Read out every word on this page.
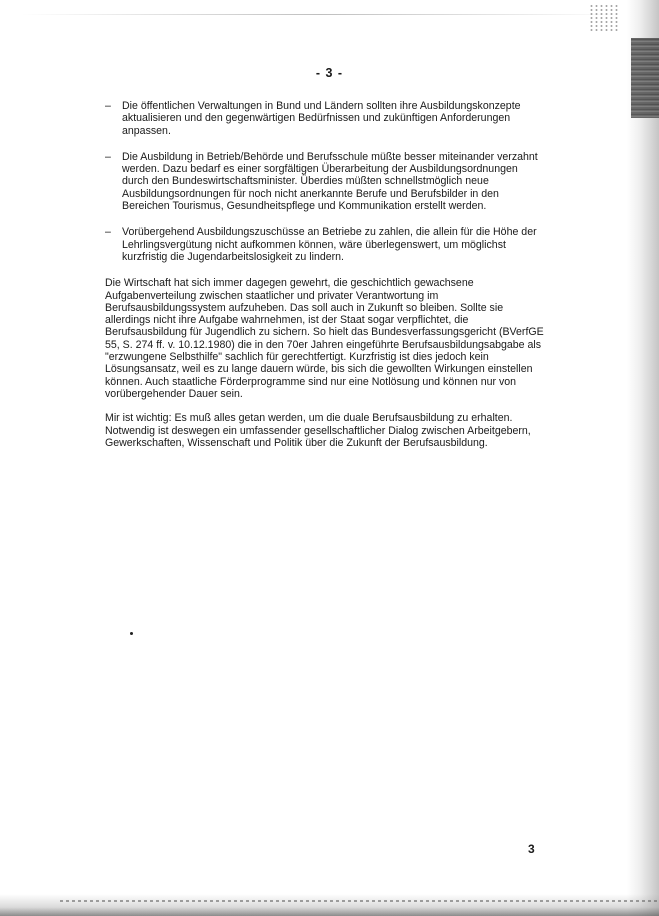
- 3 -
– Die öffentlichen Verwaltungen in Bund und Ländern sollten ihre Ausbildungskonzepte aktualisieren und den gegenwärtigen Bedürfnissen und zukünftigen Anforderungen anpassen.
– Die Ausbildung in Betrieb/Behörde und Berufsschule müßte besser miteinander verzahnt werden. Dazu bedarf es einer sorgfältigen Überarbeitung der Ausbildungsordnungen durch den Bundeswirtschaftsminister. Überdies müßten schnellstmöglich neue Ausbildungsordnungen für noch nicht anerkannte Berufe und Berufsbilder in den Bereichen Tourismus, Gesundheitspflege und Kommunikation erstellt werden.
– Vorübergehend Ausbildungszuschüsse an Betriebe zu zahlen, die allein für die Höhe der Lehrlingsvergütung nicht aufkommen können, wäre überlegenswert, um möglichst kurzfristig die Jugendarbeitslosigkeit zu lindern.

Die Wirtschaft hat sich immer dagegen gewehrt, die geschichtlich gewachsene Aufgabenverteilung zwischen staatlicher und privater Verantwortung im Berufsausbildungssystem aufzuheben. Das soll auch in Zukunft so bleiben. Sollte sie allerdings nicht ihre Aufgabe wahrnehmen, ist der Staat sogar verpflichtet, die Berufsausbildung für Jugendlich zu sichern. So hielt das Bundesverfassungsgericht (BVerfGE 55, S. 274 ff. v. 10.12.1980) die in den 70er Jahren eingeführte Berufsausbildungsabgabe als "erzwungene Selbsthilfe" sachlich für gerechtfertigt. Kurzfristig ist dies jedoch kein Lösungsansatz, weil es zu lange dauern würde, bis sich die gewollten Wirkungen einstellen können. Auch staatliche Förderprogramme sind nur eine Notlösung und können nur von vorübergehender Dauer sein.

Mir ist wichtig: Es muß alles getan werden, um die duale Berufsausbildung zu erhalten. Notwendig ist deswegen ein umfassender gesellschaftlicher Dialog zwischen Arbeitgebern, Gewerkschaften, Wissenschaft und Politik über die Zukunft der Berufsausbildung.

3
